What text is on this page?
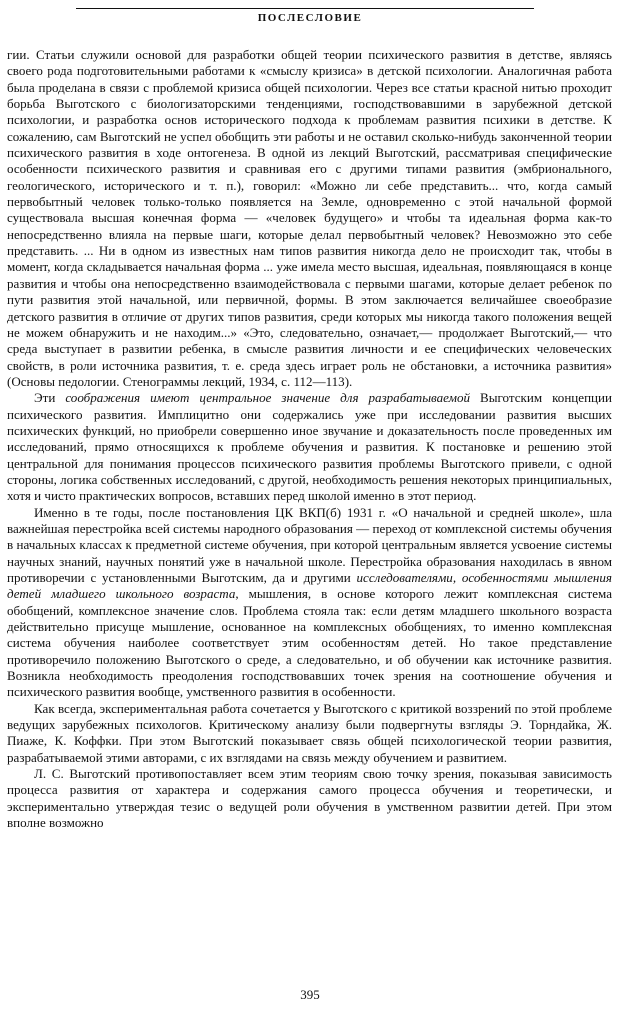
ПОСЛЕСЛОВИЕ

гии. Статьи служили основой для разработки общей теории психического развития в детстве, являясь своего рода подготовительными работами к «смыслу кризиса» в детской психологии. Аналогичная работа была проделана в связи с проблемой кризиса общей психологии. Через все статьи красной нитью проходит борьба Выготского с биологизаторскими тенденциями, господствовавшими в зарубежной детской психологии, и разработка основ исторического подхода к проблемам развития психики в детстве. К сожалению, сам Выготский не успел обобщить эти работы и не оставил сколько-нибудь законченной теории психического развития в ходе онтогенеза. В одной из лекций Выготский, рассматривая специфические особенности психического развития и сравнивая его с другими типами развития (эмбрионального, геологического, исторического и т. п.), говорил: «Можно ли себе представить... что, когда самый первобытный человек только-только появляется на Земле, одновременно с этой начальной формой существовала высшая конечная форма — «человек будущего» и чтобы та идеальная форма как-то непосредственно влияла на первые шаги, которые делал первобытный человек? Невозможно это себе представить. ... Ни в одном из известных нам типов развития никогда дело не происходит так, чтобы в момент, когда складывается начальная форма ... уже имела место высшая, идеальная, появляющаяся в конце развития и чтобы она непосредственно взаимодействовала с первыми шагами, которые делает ребенок по пути развития этой начальной, или первичной, формы. В этом заключается величайшее своеобразие детского развития в отличие от других типов развития, среди которых мы никогда такого положения вещей не можем обнаружить и не находим...» «Это, следовательно, означает,— продолжает Выготский,— что среда выступает в развитии ребенка, в смысле развития личности и ее специфических человеческих свойств, в роли источника развития, т. е. среда здесь играет роль не обстановки, а источника развития» (Основы педологии. Стенограммы лекций, 1934, с. 112—113).

Эти соображения имеют центральное значение для разрабатываемой Выготским концепции психического развития. Имплицитно они содержались уже при исследовании развития высших психических функций, но приобрели совершенно иное звучание и доказательность после проведенных им исследований, прямо относящихся к проблеме обучения и развития. К постановке и решению этой центральной для понимания процессов психического развития проблемы Выготского привели, с одной стороны, логика собственных исследований, с другой, необходимость решения некоторых принципиальных, хотя и чисто практических вопросов, вставших перед школой именно в этот период.

Именно в те годы, после постановления ЦК ВКП(б) 1931 г. «О начальной и средней школе», шла важнейшая перестройка всей системы народного образования — переход от комплексной системы обучения в начальных классах к предметной системе обучения, при которой центральным является усвоение системы научных знаний, научных понятий уже в начальной школе. Перестройка образования находилась в явном противоречии с установленными Выготским, да и другими исследователями, особенностями мышления детей младшего школьного возраста, мышления, в основе которого лежит комплексная система обобщений, комплексное значение слов. Проблема стояла так: если детям младшего школьного возраста действительно присуще мышление, основанное на комплексных обобщениях, то именно комплексная система обучения наиболее соответствует этим особенностям детей. Но такое представление противоречило положению Выготского о среде, а следовательно, и об обучении как источнике развития. Возникла необходимость преодоления господствовавших точек зрения на соотношение обучения и психического развития вообще, умственного развития в особенности.

Как всегда, экспериментальная работа сочетается у Выготского с критикой воззрений по этой проблеме ведущих зарубежных психологов. Критическому анализу были подвергнуты взгляды Э. Торндайка, Ж. Пиаже, К. Коффки. При этом Выготский показывает связь общей психологической теории развития, разрабатываемой этими авторами, с их взглядами на связь между обучением и развитием.

Л. С. Выготский противопоставляет всем этим теориям свою точку зрения, показывая зависимость процесса развития от характера и содержания самого процесса обучения и теоретически, и экспериментально утверждая тезис о ведущей роли обучения в умственном развитии детей. При этом вполне возможно

395
